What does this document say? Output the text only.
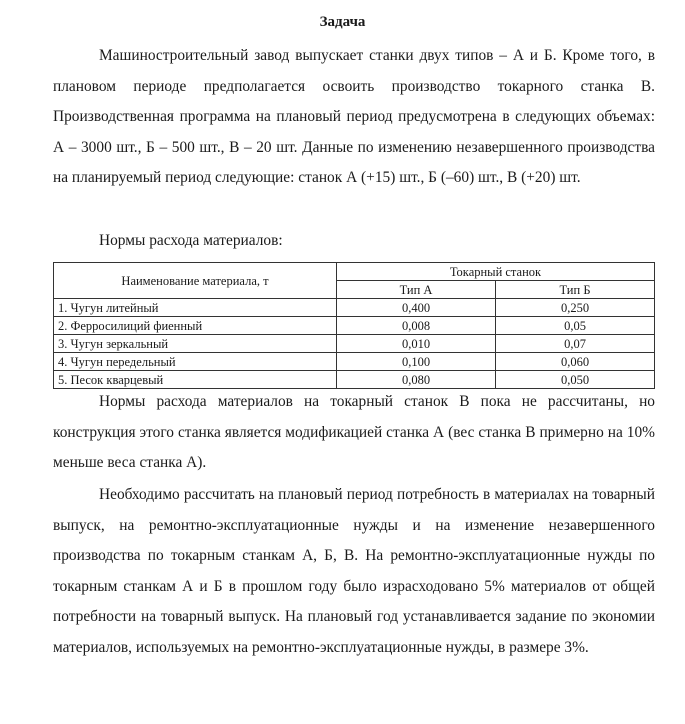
Задача

Машиностроительный завод выпускает станки двух типов – А и Б. Кроме того, в плановом периоде предполагается освоить производство токарного станка В. Производственная программа на плановый период предусмотрена в следующих объемах: А – 3000 шт., Б – 500 шт., В – 20 шт. Данные по изменению незавершенного производства на планируемый период следующие: станок А (+15) шт., Б (–60) шт., В (+20) шт.

Нормы расхода материалов:

Наименование материала, т	Токарный станок	
	Тип А	Тип Б
1. Чугун литейный	0,400	0,250
2. Ферросилиций фиенный	0,008	0,05
3. Чугун зеркальный	0,010	0,07
4. Чугун передельный	0,100	0,060
5. Песок кварцевый	0,080	0,050

Нормы расхода материалов на токарный станок В пока не рассчитаны, но конструкция этого станка является модификацией станка А (вес станка В примерно на 10% меньше веса станка А).

Необходимо рассчитать на плановый период потребность в материалах на товарный выпуск, на ремонтно-эксплуатационные нужды и на изменение незавершенного производства по токарным станкам А, Б, В. На ремонтно-эксплуатационные нужды по токарным станкам А и Б в прошлом году было израсходовано 5% материалов от общей потребности на товарный выпуск. На плановый год устанавливается задание по экономии материалов, используемых на ремонтно-эксплуатационные нужды, в размере 3%.
